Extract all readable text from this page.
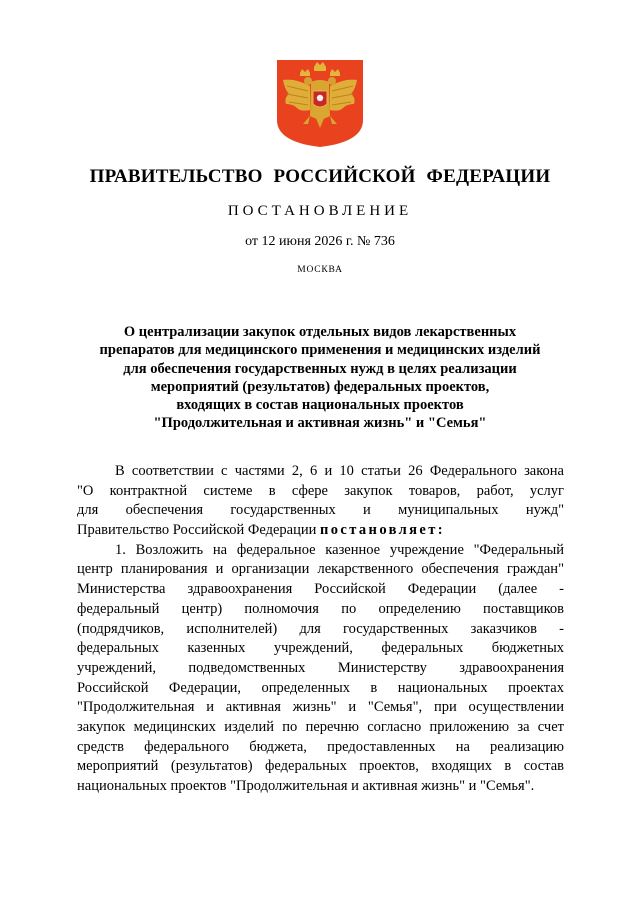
ПРАВИТЕЛЬСТВО РОССИЙСКОЙ ФЕДЕРАЦИИ
ПОСТАНОВЛЕНИЕ
от 12 июня 2026 г. № 736
МОСКВА
О централизации закупок отдельных видов лекарственных
препаратов для медицинского применения и медицинских изделий
для обеспечения государственных нужд в целях реализации
мероприятий (результатов) федеральных проектов,
входящих в состав национальных проектов
"Продолжительная и активная жизнь" и "Семья"
В соответствии с частями 2, 6 и 10 статьи 26 Федерального закона
"О контрактной системе в сфере закупок товаров, работ, услуг
для обеспечения государственных и муниципальных нужд"
Правительство Российской Федерации постановляет:
1. Возложить на федеральное казенное учреждение "Федеральный
центр планирования и организации лекарственного обеспечения граждан"
Министерства здравоохранения Российской Федерации (далее -
федеральный центр) полномочия по определению поставщиков
(подрядчиков, исполнителей) для государственных заказчиков -
федеральных казенных учреждений, федеральных бюджетных
учреждений, подведомственных Министерству здравоохранения
Российской Федерации, определенных в национальных проектах
"Продолжительная и активная жизнь" и "Семья", при осуществлении
закупок медицинских изделий по перечню согласно приложению за счет
средств федерального бюджета, предоставленных на реализацию
мероприятий (результатов) федеральных проектов, входящих в состав
национальных проектов "Продолжительная и активная жизнь" и "Семья".
